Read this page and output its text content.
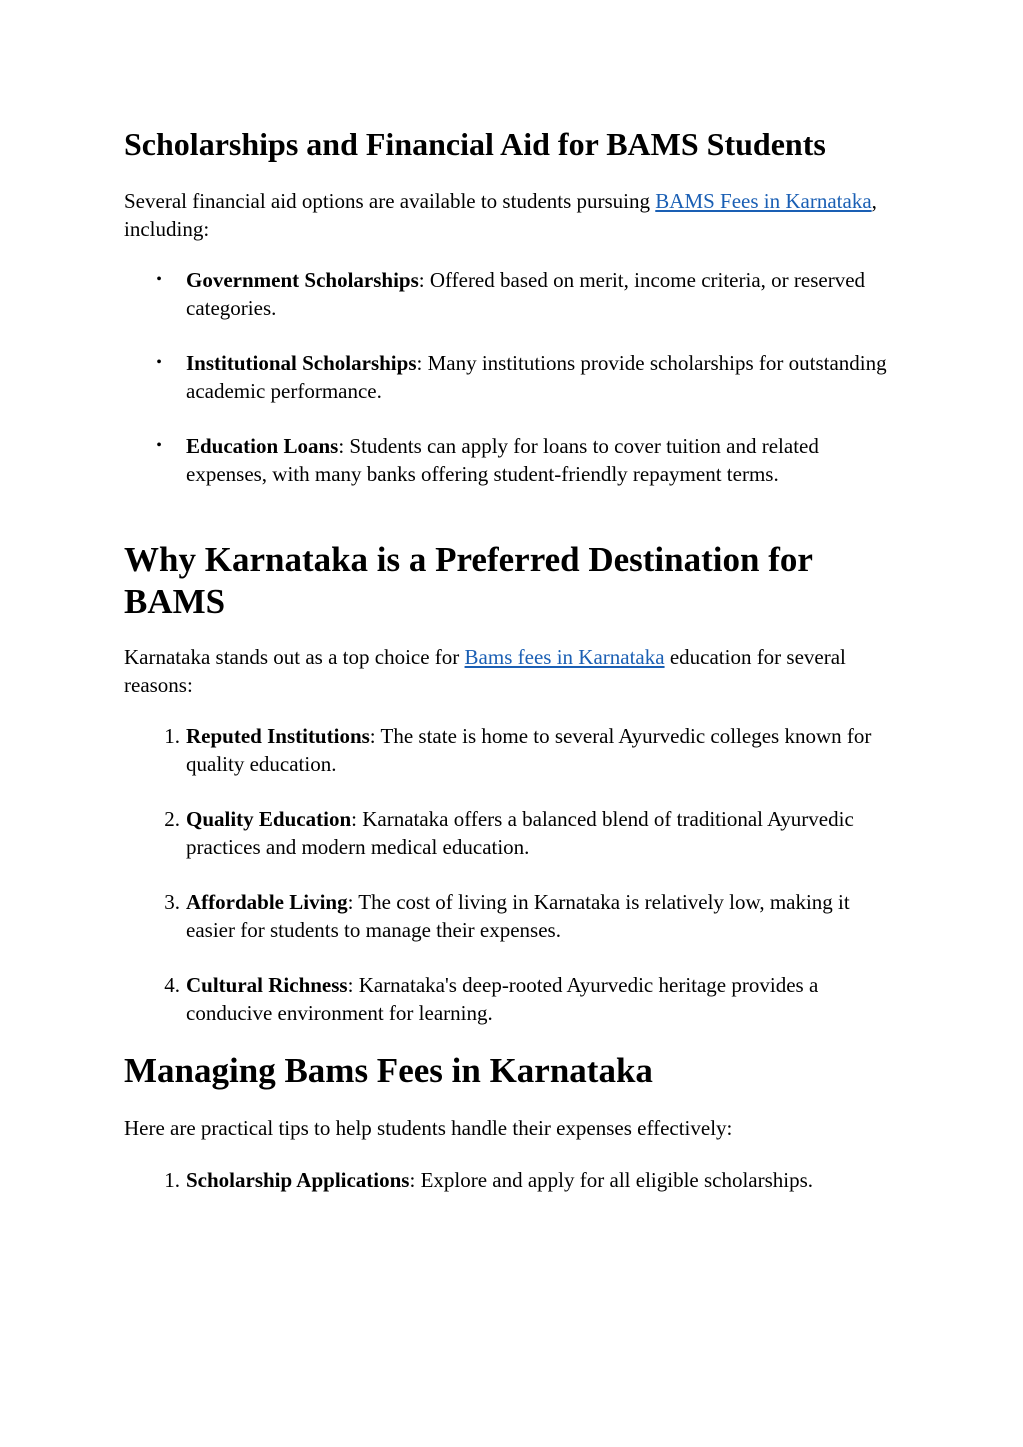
Scholarships and Financial Aid for BAMS Students

Several financial aid options are available to students pursuing BAMS Fees in Karnataka, including:

• Government Scholarships: Offered based on merit, income criteria, or reserved categories.
• Institutional Scholarships: Many institutions provide scholarships for outstanding academic performance.
• Education Loans: Students can apply for loans to cover tuition and related expenses, with many banks offering student-friendly repayment terms.
Why Karnataka is a Preferred Destination for BAMS

Karnataka stands out as a top choice for Bams fees in Karnataka education for several reasons:

1. Reputed Institutions: The state is home to several Ayurvedic colleges known for quality education.
2. Quality Education: Karnataka offers a balanced blend of traditional Ayurvedic practices and modern medical education.
3. Affordable Living: The cost of living in Karnataka is relatively low, making it easier for students to manage their expenses.
4. Cultural Richness: Karnataka's deep-rooted Ayurvedic heritage provides a conducive environment for learning.
Managing Bams Fees in Karnataka

Here are practical tips to help students handle their expenses effectively:

1. Scholarship Applications: Explore and apply for all eligible scholarships.
